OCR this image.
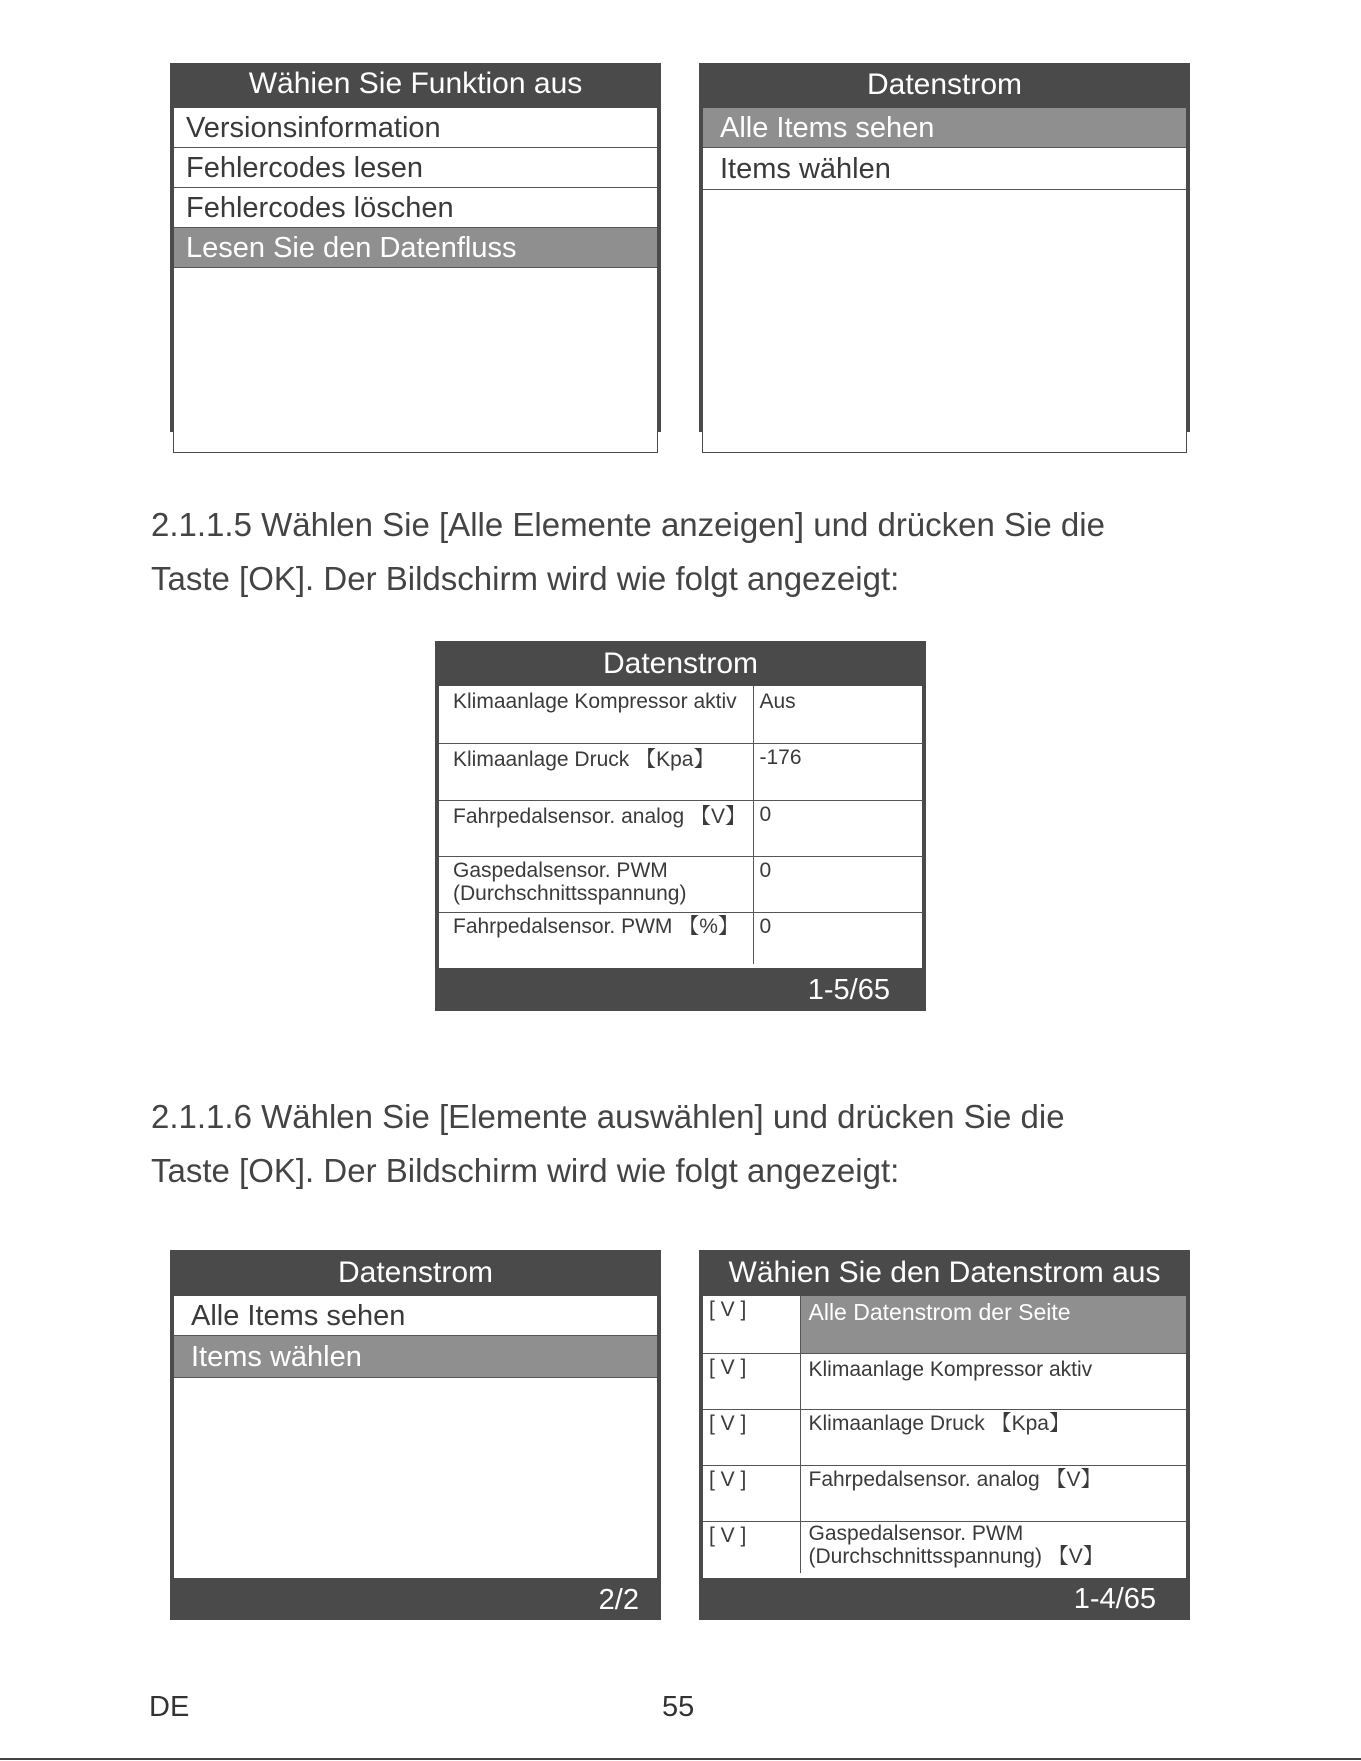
Wähien Sie Funktion aus
Versionsinformation
Fehlercodes lesen
Fehlercodes löschen
Lesen Sie den Datenfluss
4/4
Datenstrom
Alle Items sehen
Items wählen
1/2
2.1.1.5 Wählen Sie [Alle Elemente anzeigen] und drücken Sie die
Taste [OK]. Der Bildschirm wird wie folgt angezeigt:
Datenstrom
Klimaanlage Kompressor aktiv	Aus
Klimaanlage Druck 【Kpa】	-176
Fahrpedalsensor. analog 【V】	0
Gaspedalsensor. PWM (Durchschnittsspannung)	0
Fahrpedalsensor. PWM 【%】	0
1-5/65
2.1.1.6 Wählen Sie [Elemente auswählen] und drücken Sie die
Taste [OK]. Der Bildschirm wird wie folgt angezeigt:
Datenstrom
Alle Items sehen
Items wählen
2/2
Wähien Sie den Datenstrom aus
[ V ]	Alle Datenstrom der Seite
[ V ]	Klimaanlage Kompressor aktiv
[ V ]	Klimaanlage Druck 【Kpa】
[ V ]	Fahrpedalsensor. analog 【V】
[ V ]	Gaspedalsensor. PWM (Durchschnittsspannung) 【V】
1-4/65
DE	55
